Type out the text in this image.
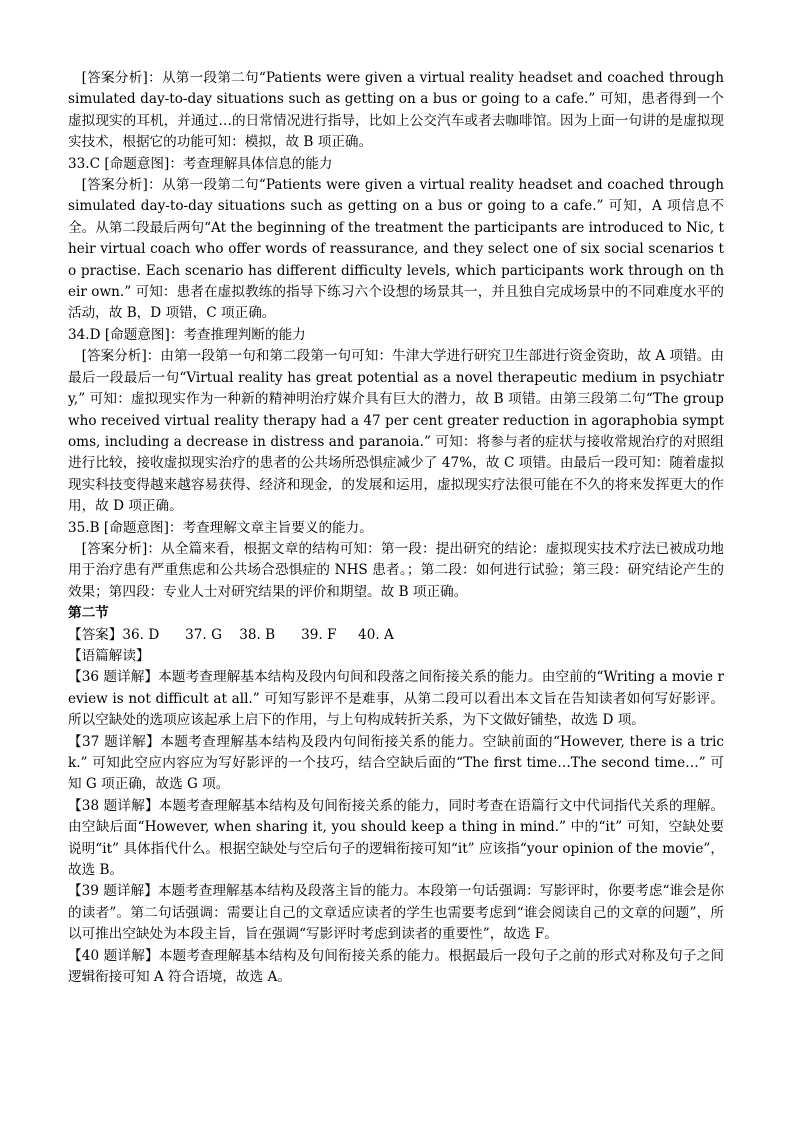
[答案分析]：从第一段第二句“Patients were given a virtual reality headset and coached through simulated day-to-day situations such as getting on a bus or going to a cafe.” 可知，患者得到一个虚拟现实的耳机，并通过…的日常情况进行指导，比如上公交汽车或者去咖啡馆。因为上面一句讲的是虚拟现实技术，根据它的功能可知：模拟，故 B 项正确。

33.C [命题意图]：考查理解具体信息的能力

[答案分析]：从第一段第二句“Patients were given a virtual reality headset and coached through simulated day-to-day situations such as getting on a bus or going to a cafe.” 可知，A 项信息不全。从第二段最后两句“At the beginning of the treatment the participants are introduced to Nic, their virtual coach who offer words of reassurance, and they select one of six social scenarios to practise. Each scenario has different difficulty levels, which participants work through on their own.” 可知：患者在虚拟教练的指导下练习六个设想的场景其一，并且独自完成场景中的不同难度水平的活动，故 B，D 项错，C 项正确。

34.D [命题意图]：考查推理判断的能力

[答案分析]：由第一段第一句和第二段第一句可知：牛津大学进行研究卫生部进行资金资助，故 A 项错。由最后一段最后一句“Virtual reality has great potential as a novel therapeutic medium in psychiatry,” 可知：虚拟现实作为一种新的精神明治疗媒介具有巨大的潜力，故 B 项错。由第三段第二句“The group who received virtual reality therapy had a 47 per cent greater reduction in agoraphobia symptoms, including a decrease in distress and paranoia.” 可知：将参与者的症状与接收常规治疗的对照组进行比较，接收虚拟现实治疗的患者的公共场所恐惧症减少了 47%，故 C 项错。由最后一段可知：随着虚拟现实科技变得越来越容易获得、经济和现金，的发展和运用，虚拟现实疗法很可能在不久的将来发挥更大的作用，故 D 项正确。

35.B [命题意图]：考查理解文章主旨要义的能力。

[答案分析]：从全篇来看，根据文章的结构可知：第一段：提出研究的结论：虚拟现实技术疗法已被成功地用于治疗患有严重焦虑和公共场合恐惧症的 NHS 患者。；第二段：如何进行试验；第三段：研究结论产生的效果；第四段：专业人士对研究结果的评价和期望。故 B 项正确。

第二节

【答案】36. D      37. G    38. B      39. F     40. A

【语篇解读】

【36 题详解】本题考查理解基本结构及段内句间和段落之间衔接关系的能力。由空前的“Writing a movie review is not difficult at all.” 可知写影评不是难事，从第二段可以看出本文旨在告知读者如何写好影评。所以空缺处的选项应该起承上启下的作用，与上句构成转折关系，为下文做好铺垫，故选 D 项。

【37 题详解】本题考查理解基本结构及段内句间衔接关系的能力。空缺前面的“However, there is a trick.” 可知此空应内容应为写好影评的一个技巧，结合空缺后面的“The first time…The second time…” 可知 G 项正确，故选 G 项。

【38 题详解】本题考查理解基本结构及句间衔接关系的能力，同时考查在语篇行文中代词指代关系的理解。由空缺后面“However, when sharing it, you should keep a thing in mind.” 中的“it” 可知，空缺处要说明“it” 具体指代什么。根据空缺处与空后句子的逻辑衔接可知“it” 应该指“your opinion of the movie”，故选 B。

【39 题详解】本题考查理解基本结构及段落主旨的能力。本段第一句话强调：写影评时，你要考虑“谁会是你的读者”。第二句话强调：需要让自己的文章适应读者的学生也需要考虑到“谁会阅读自己的文章的问题”，所以可推出空缺处为本段主旨，旨在强调“写影评时考虑到读者的重要性”，故选 F。

【40 题详解】本题考查理解基本结构及句间衔接关系的能力。根据最后一段句子之前的形式对称及句子之间逻辑衔接可知 A 符合语境，故选 A。
